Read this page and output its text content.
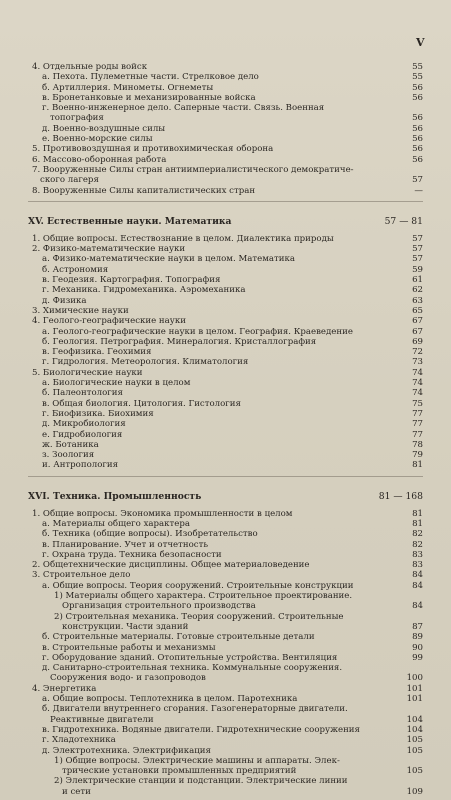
V
4. Отдельные роды войск	55
а. Пехота. Пулеметные части. Стрелковое дело	55
б. Артиллерия. Минометы. Огнеметы	56
в. Бронетанковые и механизированные войска	56
г. Военно-инженерное дело. Саперные части. Связь. Военная
топография	56
д. Военно-воздушные силы	56
е. Военно-морские силы	56
5. Противовоздушная и противохимическая оборона	56
6. Массово-оборонная работа	56
7. Вооруженные Силы стран антиимпериалистического демократиче-
ского лагеря	57
8. Вооруженные Силы капиталистических стран	—
XV. Естественные науки. Математика	57 — 81
1. Общие вопросы. Естествознание в целом. Диалектика природы	57
2. Физико-математические науки	57
а. Физико-математические науки в целом. Математика	57
б. Астрономия	59
в. Геодезия. Картография. Топография	61
г. Механика. Гидромеханика. Аэромеханика	62
д. Физика	63
3. Химические науки	65
4. Геолого-географические науки	67
а. Геолого-географические науки в целом. География. Краеведение	67
б. Геология. Петрография. Минералогия. Кристаллография	69
в. Геофизика. Геохимия	72
г. Гидрология. Метеорология. Климатология	73
5. Биологические науки	74
а. Биологические науки в целом	74
б. Палеонтология	74
в. Общая биология. Цитология. Гистология	75
г. Биофизика. Биохимия	77
д. Микробиология	77
е. Гидробиология	77
ж. Ботаника	78
з. Зоология	79
и. Антропология	81
XVI. Техника. Промышленность	81 — 168
1. Общие вопросы. Экономика промышленности в целом	81
а. Материалы общего характера	81
б. Техника (общие вопросы). Изобретательство	82
в. Планирование. Учет и отчетность	82
г. Охрана труда. Техника безопасности	83
2. Общетехнические дисциплины. Общее материаловедение	83
3. Строительное дело	84
а. Общие вопросы. Теория сооружений. Строительные конструкции	84
1) Материалы общего характера. Строительное проектирование.
Организация строительного производства	84
2) Строительная механика. Теория сооружений. Строительные
конструкции. Части зданий	87
б. Строительные материалы. Готовые строительные детали	89
в. Строительные работы и механизмы	90
г. Оборудование зданий. Отопительные устройства. Вентиляция	99
д. Санитарно-строительная техника. Коммунальные сооружения.
Сооружения водо- и газопроводов	100
4. Энергетика	101
а. Общие вопросы. Теплотехника в целом. Паротехника	101
б. Двигатели внутреннего сгорания. Газогенераторные двигатели.
Реактивные двигатели	104
в. Гидротехника. Водяные двигатели. Гидротехнические сооружения	104
г. Хладотехника	105
д. Электротехника. Электрификация	105
1) Общие вопросы. Электрические машины и аппараты. Элек-
трические установки промышленных предприятий	105
2) Электрические станции и подстанции. Электрические линии
и сети	109
